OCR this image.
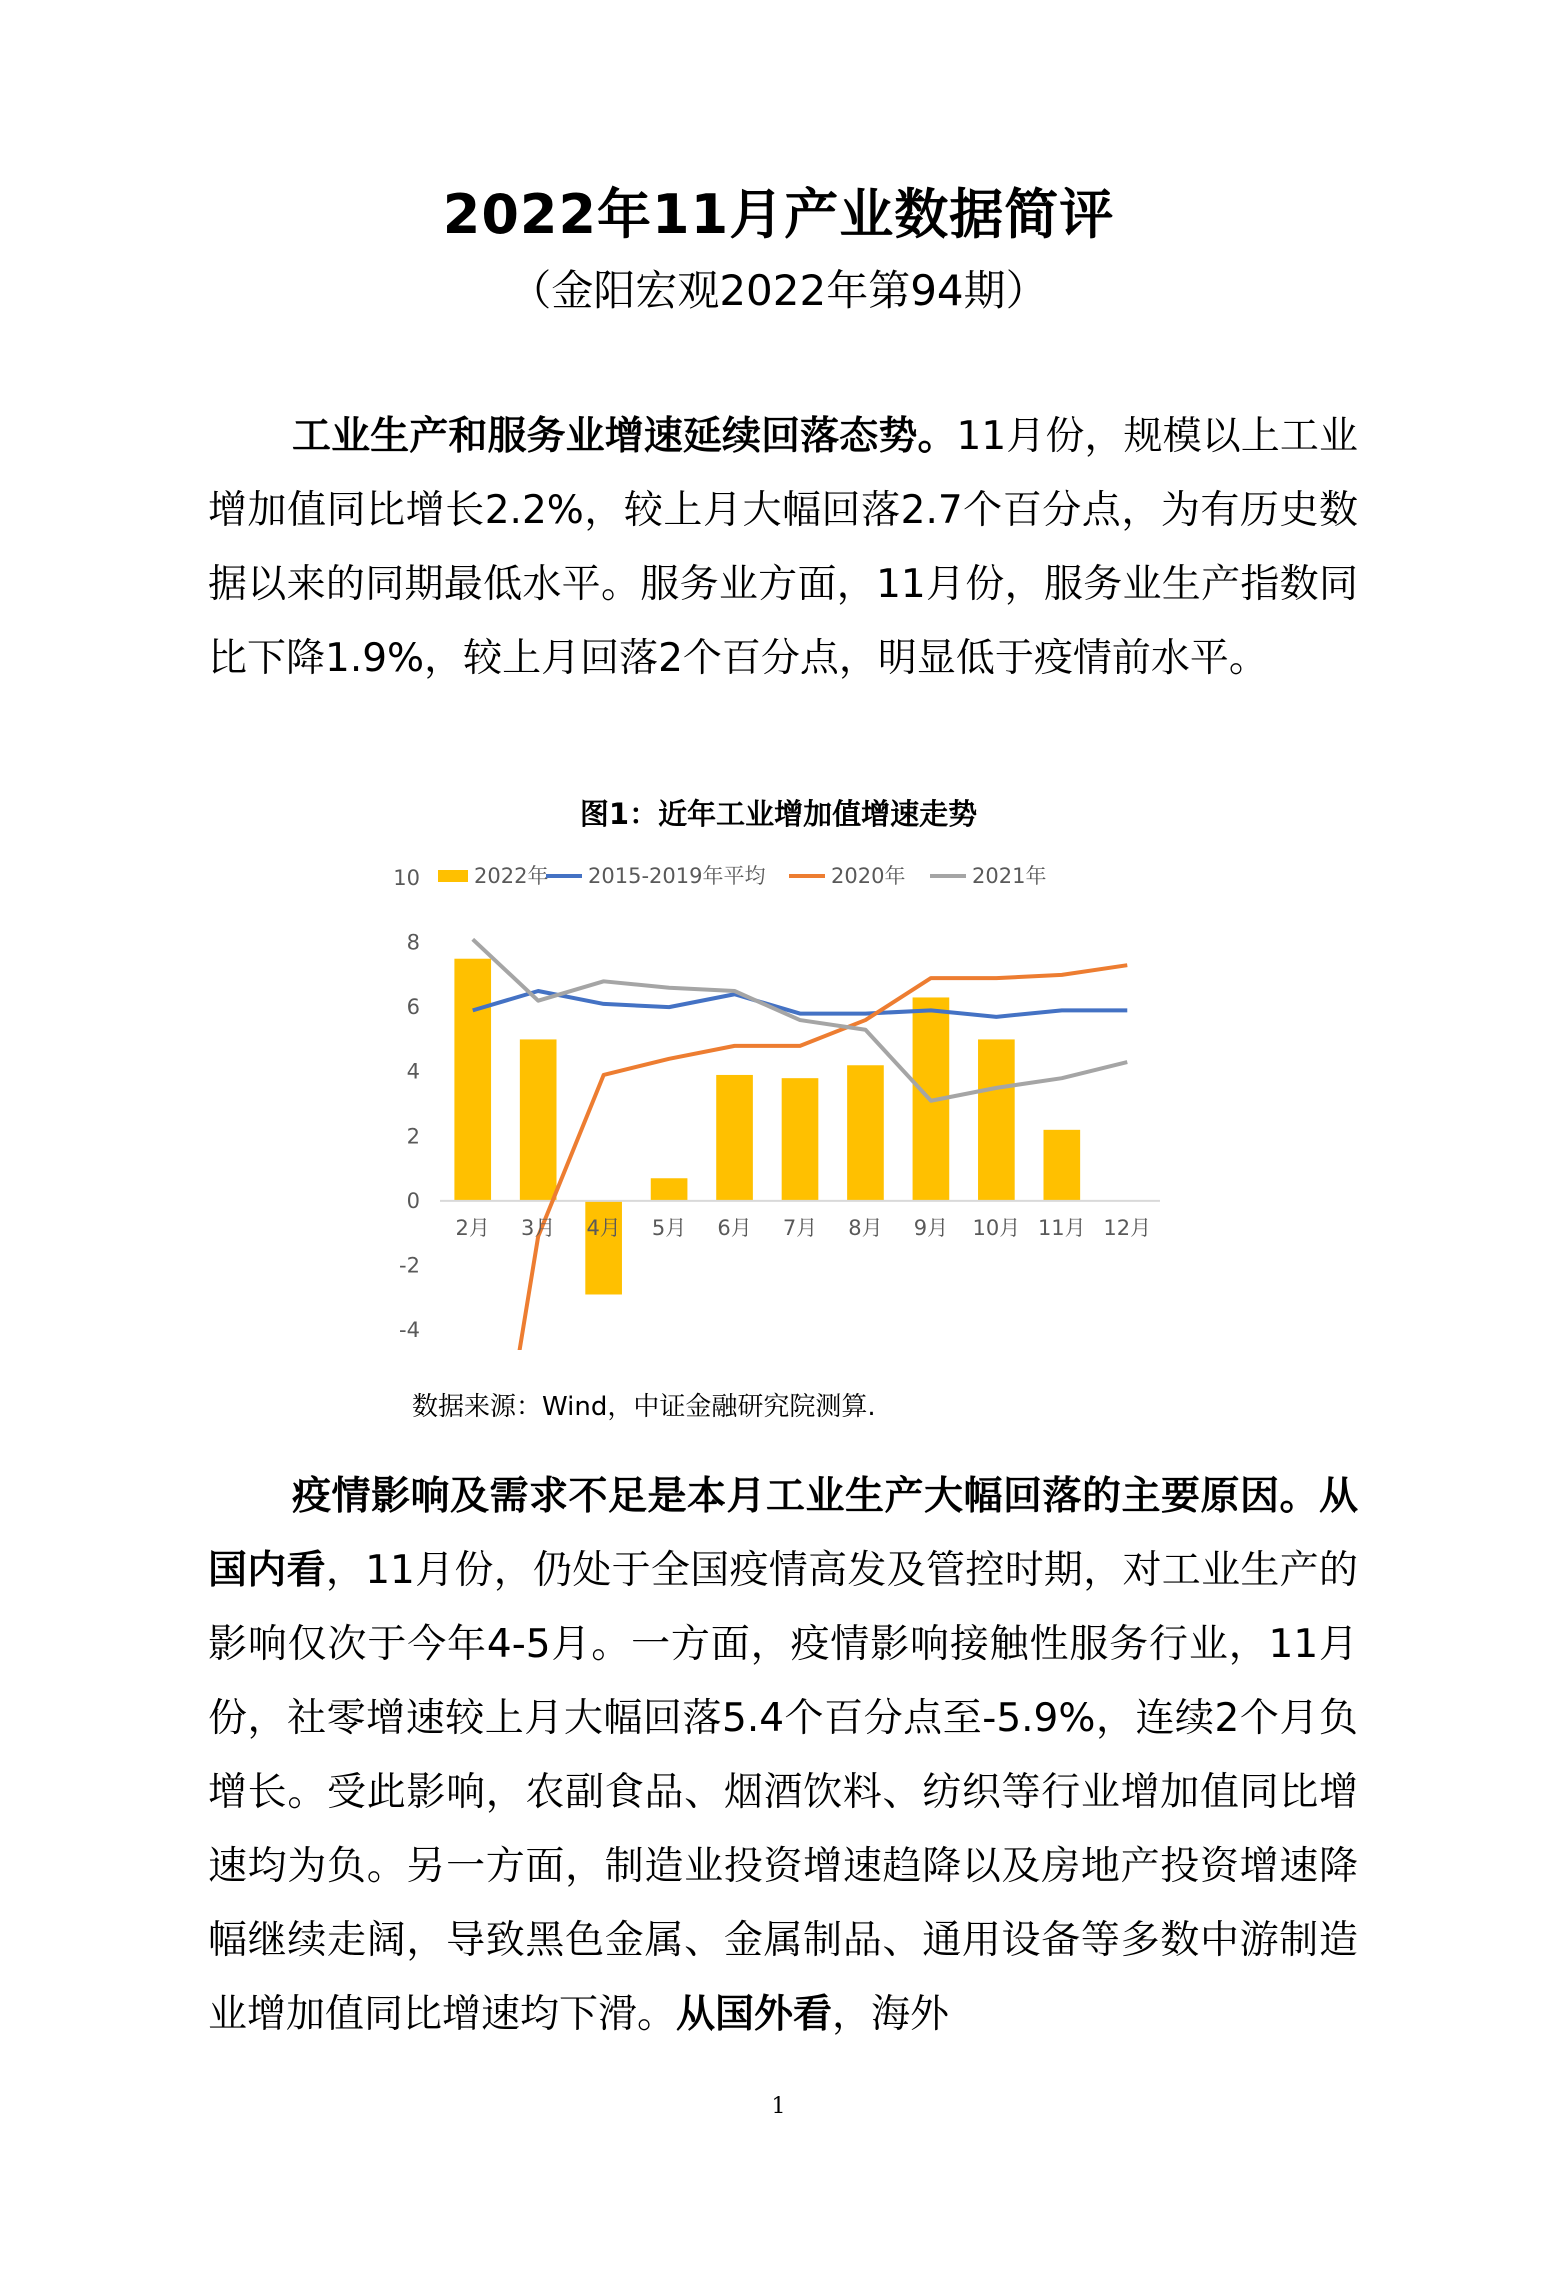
2022年11月产业数据简评
（金阳宏观2022年第94期）

工业生产和服务业增速延续回落态势。11月份，规模以上工业增加值同比增长2.2%，较上月大幅回落2.7个百分点，为有历史数据以来的同期最低水平。服务业方面，11月份，服务业生产指数同比下降1.9%，较上月回落2个百分点，明显低于疫情前水平。

图1：近年工业增加值增速走势
2022年 2015-2019年平均	2020年	2021年
10
8
6
4
2
0
-2
-4
2月 3月 4月 5月 6月 7月 8月 9月 10月 11月 12月
数据来源：Wind，中证金融研究院测算.

疫情影响及需求不足是本月工业生产大幅回落的主要原因。从国内看，11月份，仍处于全国疫情高发及管控时期，对工业生产的影响仅次于今年4-5月。一方面，疫情影响接触性服务行业，11月份，社零增速较上月大幅回落5.4个百分点至-5.9%，连续2个月负增长。受此影响，农副食品、烟酒饮料、纺织等行业增加值同比增速均为负。另一方面，制造业投资增速趋降以及房地产投资增速降幅继续走阔，导致黑色金属、金属制品、通用设备等多数中游制造业增加值同比增速均下滑。从国外看，海外

1
